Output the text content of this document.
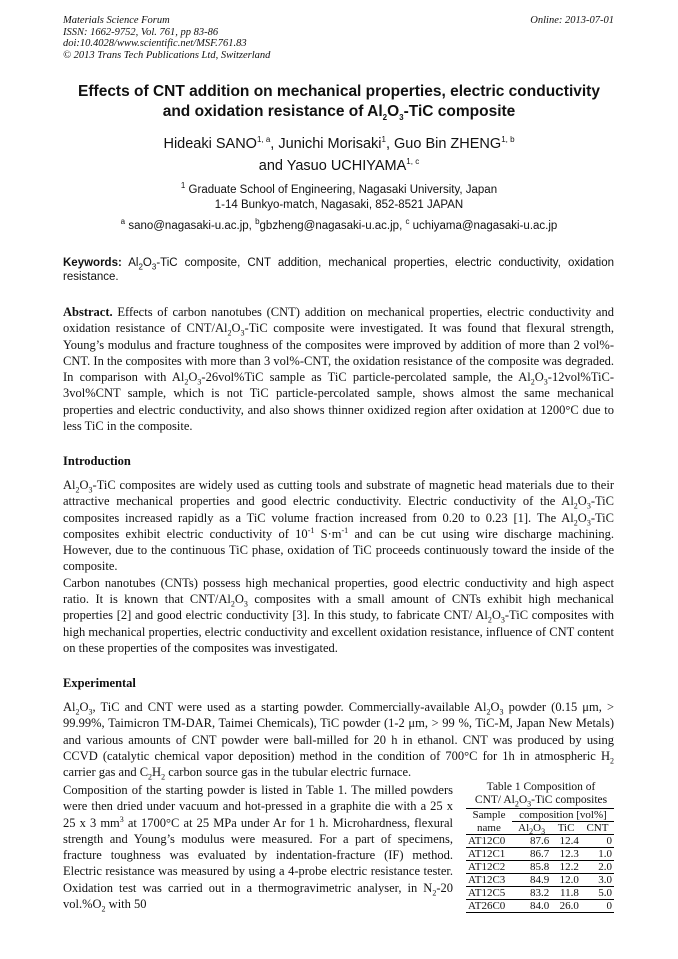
Materials Science Forum
ISSN: 1662-9752, Vol. 761, pp 83-86
doi:10.4028/www.scientific.net/MSF.761.83
© 2013 Trans Tech Publications Ltd, Switzerland
Online: 2013-07-01
Effects of CNT addition on mechanical properties, electric conductivity
and oxidation resistance of $Al_2O_3$-TiC composite
Hideaki SANO$^{1, a}$, Junichi Morisaki$^1$, Guo Bin ZHENG$^{1, b}$
and Yasuo UCHIYAMA$^{1, c}$
$^1$ Graduate School of Engineering, Nagasaki University, Japan
1-14 Bunkyo-match, Nagasaki, 852-8521 JAPAN
$^a$ sano@nagasaki-u.ac.jp, $^b$gbzheng@nagasaki-u.ac.jp, $^c$ uchiyama@nagasaki-u.ac.jp
Keywords: $Al_2O_3$-TiC composite, CNT addition, mechanical properties, electric conductivity, oxidation resistance.
Abstract. Effects of carbon nanotubes (CNT) addition on mechanical properties, electric conductivity and oxidation resistance of CNT/$Al_2O_3$-TiC composite were investigated. It was found that flexural strength, Young’s modulus and fracture toughness of the composites were improved by addition of more than 2 vol%-CNT. In the composites with more than 3 vol%-CNT, the oxidation resistance of the composite was degraded. In comparison with $Al_2O_3-26vol\%TiC$ sample as TiC particle-percolated sample, the $Al_2O_3-12vol\%TiC-3vol\%CNT$ sample, which is not TiC particle-percolated sample, shows almost the same mechanical properties and electric conductivity, and also shows thinner oxidized region after oxidation at 1200°C due to less TiC in the composite.
Introduction
$Al_2O_3$-TiC composites are widely used as cutting tools and substrate of magnetic head materials due to their attractive mechanical properties and good electric conductivity. Electric conductivity of the $Al_2O_3$-TiC composites increased rapidly as a TiC volume fraction increased from 0.20 to 0.23 [1]. The $Al_2O_3$-TiC composites exhibit electric conductivity of $10^{-1}$ $S\cdot m^{-1}$ and can be cut using wire discharge machining. However, due to the continuous TiC phase, oxidation of TiC proceeds continuously toward the inside of the composite.
Carbon nanotubes (CNTs) possess high mechanical properties, good electric conductivity and high aspect ratio. It is known that CNT/$Al_2O_3$ composites with a small amount of CNTs exhibit high mechanical properties [2] and good electric conductivity [3]. In this study, to fabricate CNT/ $Al_2O_3$-TiC composites with high mechanical properties, electric conductivity and excellent oxidation resistance, influence of CNT content on these properties of the composites was investigated.
Experimental
$Al_2O_3$, TiC and CNT were used as a starting powder. Commercially-available $Al_2O_3$ powder (0.15 μm, > 99.99%, Taimicron TM-DAR, Taimei Chemicals), TiC powder (1-2 μm, > 99 %, TiC-M, Japan New Metals) and various amounts of CNT powder were ball-milled for 20 h in ethanol. CNT was produced by using CCVD (catalytic chemical vapor deposition) method in the condition of 700°C for 1h in atmospheric $H_2$ carrier gas and $C_2H_2$ carbon source gas in the tubular electric furnace.
Composition of the starting powder is listed in Table 1. The milled powders were then dried under vacuum and hot-pressed in a graphite die with a 25 x 25 x 3 $mm^3$ at 1700°C at 25 MPa under Ar for 1 h. Microhardness, flexural strength and Young’s modulus were measured. For a part of specimens, fracture toughness was evaluated by indentation-fracture (IF) method. Electric resistance was measured by using a 4-probe electric resistance tester. Oxidation test was carried out in a thermogravimetric analyser, in $N_2-20$ $vol.\%O_2$ with 50
Table 1 Composition of
CNT/ $Al_2O_3$-TiC composites
Sample	composition [vol%]		
name	$Al_2O_3$	TiC	CNT
AT12C0	87.6	12.4	0
AT12C1	86.7	12.3	1.0
AT12C2	85.8	12.2	2.0
AT12C3	84.9	12.0	3.0
AT12C5	83.2	11.8	5.0
AT26C0	84.0	26.0	0
